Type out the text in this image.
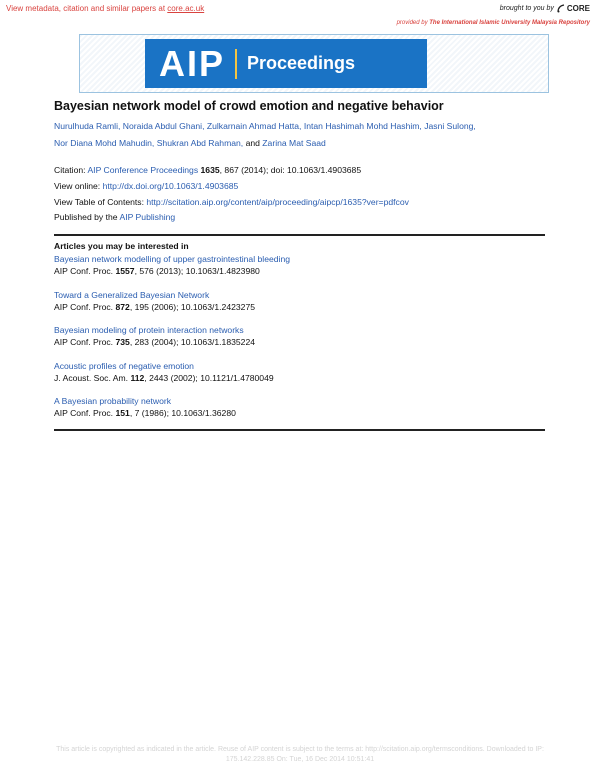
View metadata, citation and similar papers at core.ac.uk	brought to you by CORE
provided by The International Islamic University Malaysia Repository
AIP Proceedings
Bayesian network model of crowd emotion and negative behavior
Nurulhuda Ramli, Noraida Abdul Ghani, Zulkarnain Ahmad Hatta, Intan Hashimah Mohd Hashim, Jasni Sulong,
Nor Diana Mohd Mahudin, Shukran Abd Rahman, and Zarina Mat Saad
Citation: AIP Conference Proceedings 1635, 867 (2014); doi: 10.1063/1.4903685
View online: http://dx.doi.org/10.1063/1.4903685
View Table of Contents: http://scitation.aip.org/content/aip/proceeding/aipcp/1635?ver=pdfcov
Published by the AIP Publishing
Articles you may be interested in
Bayesian network modelling of upper gastrointestinal bleeding
AIP Conf. Proc. 1557, 576 (2013); 10.1063/1.4823980
Toward a Generalized Bayesian Network
AIP Conf. Proc. 872, 195 (2006); 10.1063/1.2423275
Bayesian modeling of protein interaction networks
AIP Conf. Proc. 735, 283 (2004); 10.1063/1.1835224
Acoustic profiles of negative emotion
J. Acoust. Soc. Am. 112, 2443 (2002); 10.1121/1.4780049
A Bayesian probability network
AIP Conf. Proc. 151, 7 (1986); 10.1063/1.36280
This article is copyrighted as indicated in the article. Reuse of AIP content is subject to the terms at: http://scitation.aip.org/termsconditions. Downloaded to IP:
175.142.228.85 On: Tue, 16 Dec 2014 10:51:41
